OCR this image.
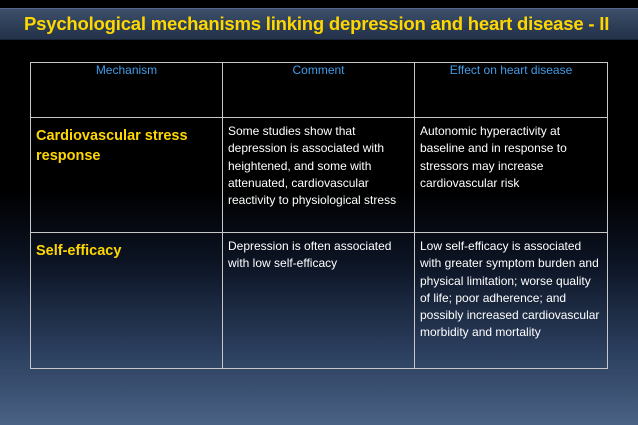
Psychological mechanisms linking depression and heart disease - II
Mechanism	Comment	Effect on heart disease
Cardiovascular stress response	Some studies show that depression is associated with heightened, and some with attenuated, cardiovascular reactivity to physiological stress	Autonomic hyperactivity at baseline and in response to stressors may increase cardiovascular risk
Self-efficacy	Depression is often associated with low self-efficacy	Low self-efficacy is associated with greater symptom burden and physical limitation; worse quality of life; poor adherence; and possibly increased cardiovascular morbidity and mortality
